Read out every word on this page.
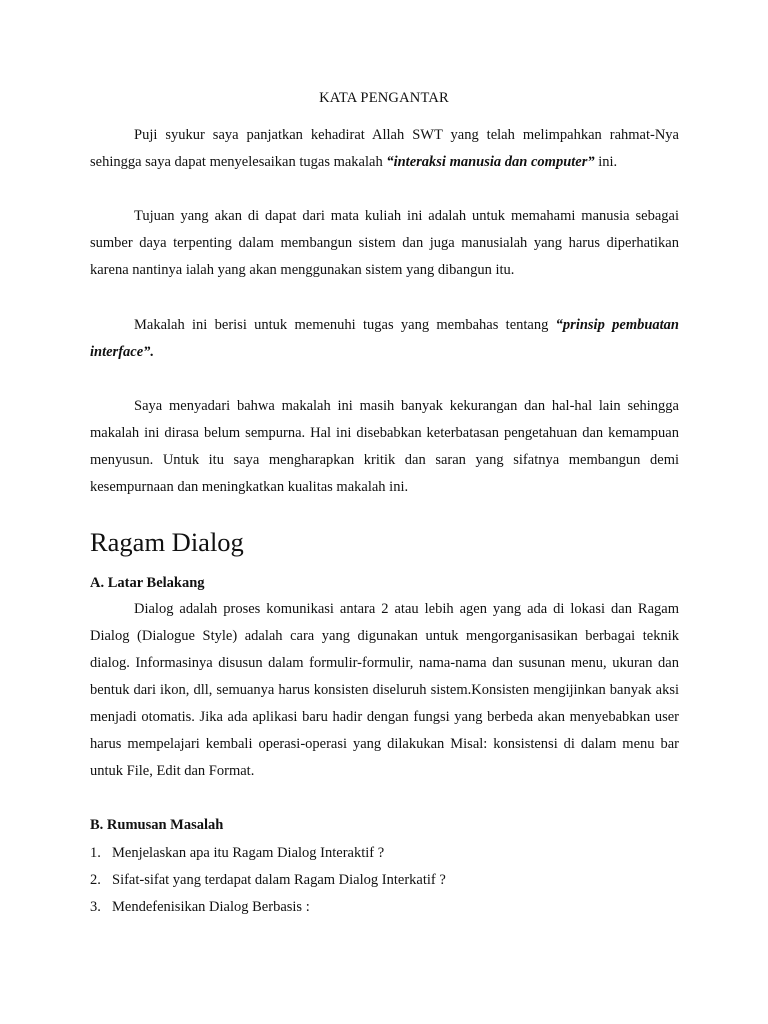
KATA PENGANTAR

Puji syukur saya panjatkan kehadirat Allah SWT yang telah melimpahkan rahmat-Nya sehingga saya dapat menyelesaikan tugas makalah “interaksi manusia dan computer” ini.

Tujuan yang akan di dapat dari mata kuliah ini adalah untuk memahami manusia sebagai sumber daya terpenting dalam membangun sistem dan juga manusialah yang harus diperhatikan karena nantinya ialah yang akan menggunakan sistem yang dibangun itu.

Makalah ini berisi untuk memenuhi tugas yang membahas tentang “prinsip pembuatan interface”.

Saya menyadari bahwa makalah ini masih banyak kekurangan dan hal-hal lain sehingga makalah ini dirasa belum sempurna. Hal ini disebabkan keterbatasan pengetahuan dan kemampuan menyusun. Untuk itu saya mengharapkan kritik dan saran yang sifatnya membangun demi kesempurnaan dan meningkatkan kualitas makalah ini.

Ragam Dialog
A. Latar Belakang

Dialog adalah proses komunikasi antara 2 atau lebih agen yang ada di lokasi dan Ragam Dialog (Dialogue Style) adalah cara yang digunakan untuk mengorganisasikan berbagai teknik dialog. Informasinya disusun dalam formulir-formulir, nama-nama dan susunan menu, ukuran dan bentuk dari ikon, dll, semuanya harus konsisten diseluruh sistem.Konsisten mengijinkan banyak aksi menjadi otomatis. Jika ada aplikasi baru hadir dengan fungsi yang berbeda akan menyebabkan user harus mempelajari kembali operasi-operasi yang dilakukan Misal: konsistensi di dalam menu bar untuk File, Edit dan Format.

B. Rumusan Masalah
1. Menjelaskan apa itu Ragam Dialog Interaktif ?
2. Sifat-sifat yang terdapat dalam Ragam Dialog Interkatif ?
3. Mendefenisikan Dialog Berbasis :
